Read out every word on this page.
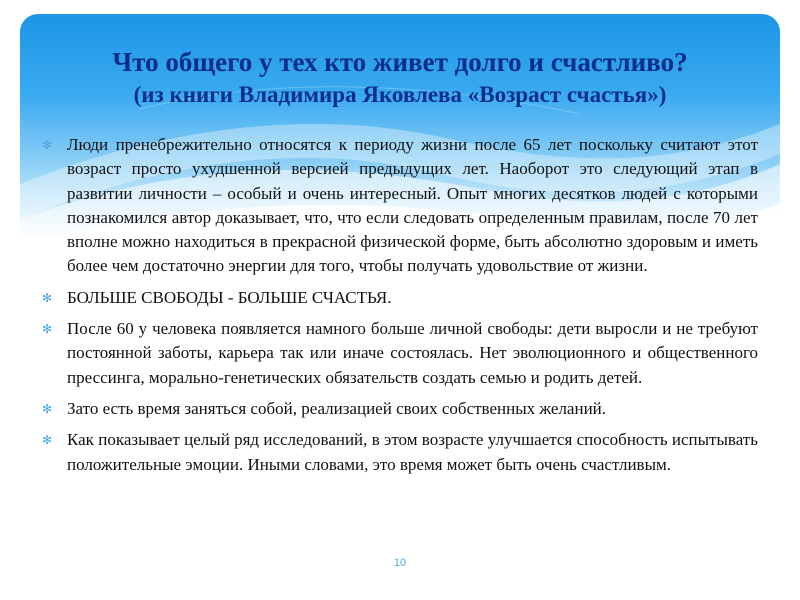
Что общего у тех кто живет долго и счастливо?
(из книги Владимира Яковлева «Возраст счастья»)
✻ Люди пренебрежительно относятся к периоду жизни после 65 лет поскольку считают этот возраст просто ухудшенной версией предыдущих лет. Наоборот это следующий этап в развитии личности – особый и очень интересный. Опыт многих десятков людей с которыми познакомился автор доказывает, что, что если следовать определенным правилам, после 70 лет вполне можно находиться в прекрасной физической форме, быть абсолютно здоровым и иметь более чем достаточно энергии для того, чтобы получать удовольствие от жизни.
✻ БОЛЬШЕ СВОБОДЫ - БОЛЬШЕ СЧАСТЬЯ.
✻ После 60 у человека появляется намного больше личной свободы: дети выросли и не требуют постоянной заботы, карьера так или иначе состоялась. Нет эволюционного и общественного прессинга, морально-генетических обязательств создать семью и родить детей.
✻ Зато есть время заняться собой, реализацией своих собственных желаний.
✻ Как показывает целый ряд исследований, в этом возрасте улучшается способность испытывать положительные эмоции. Иными словами, это время может быть очень счастливым.
10
